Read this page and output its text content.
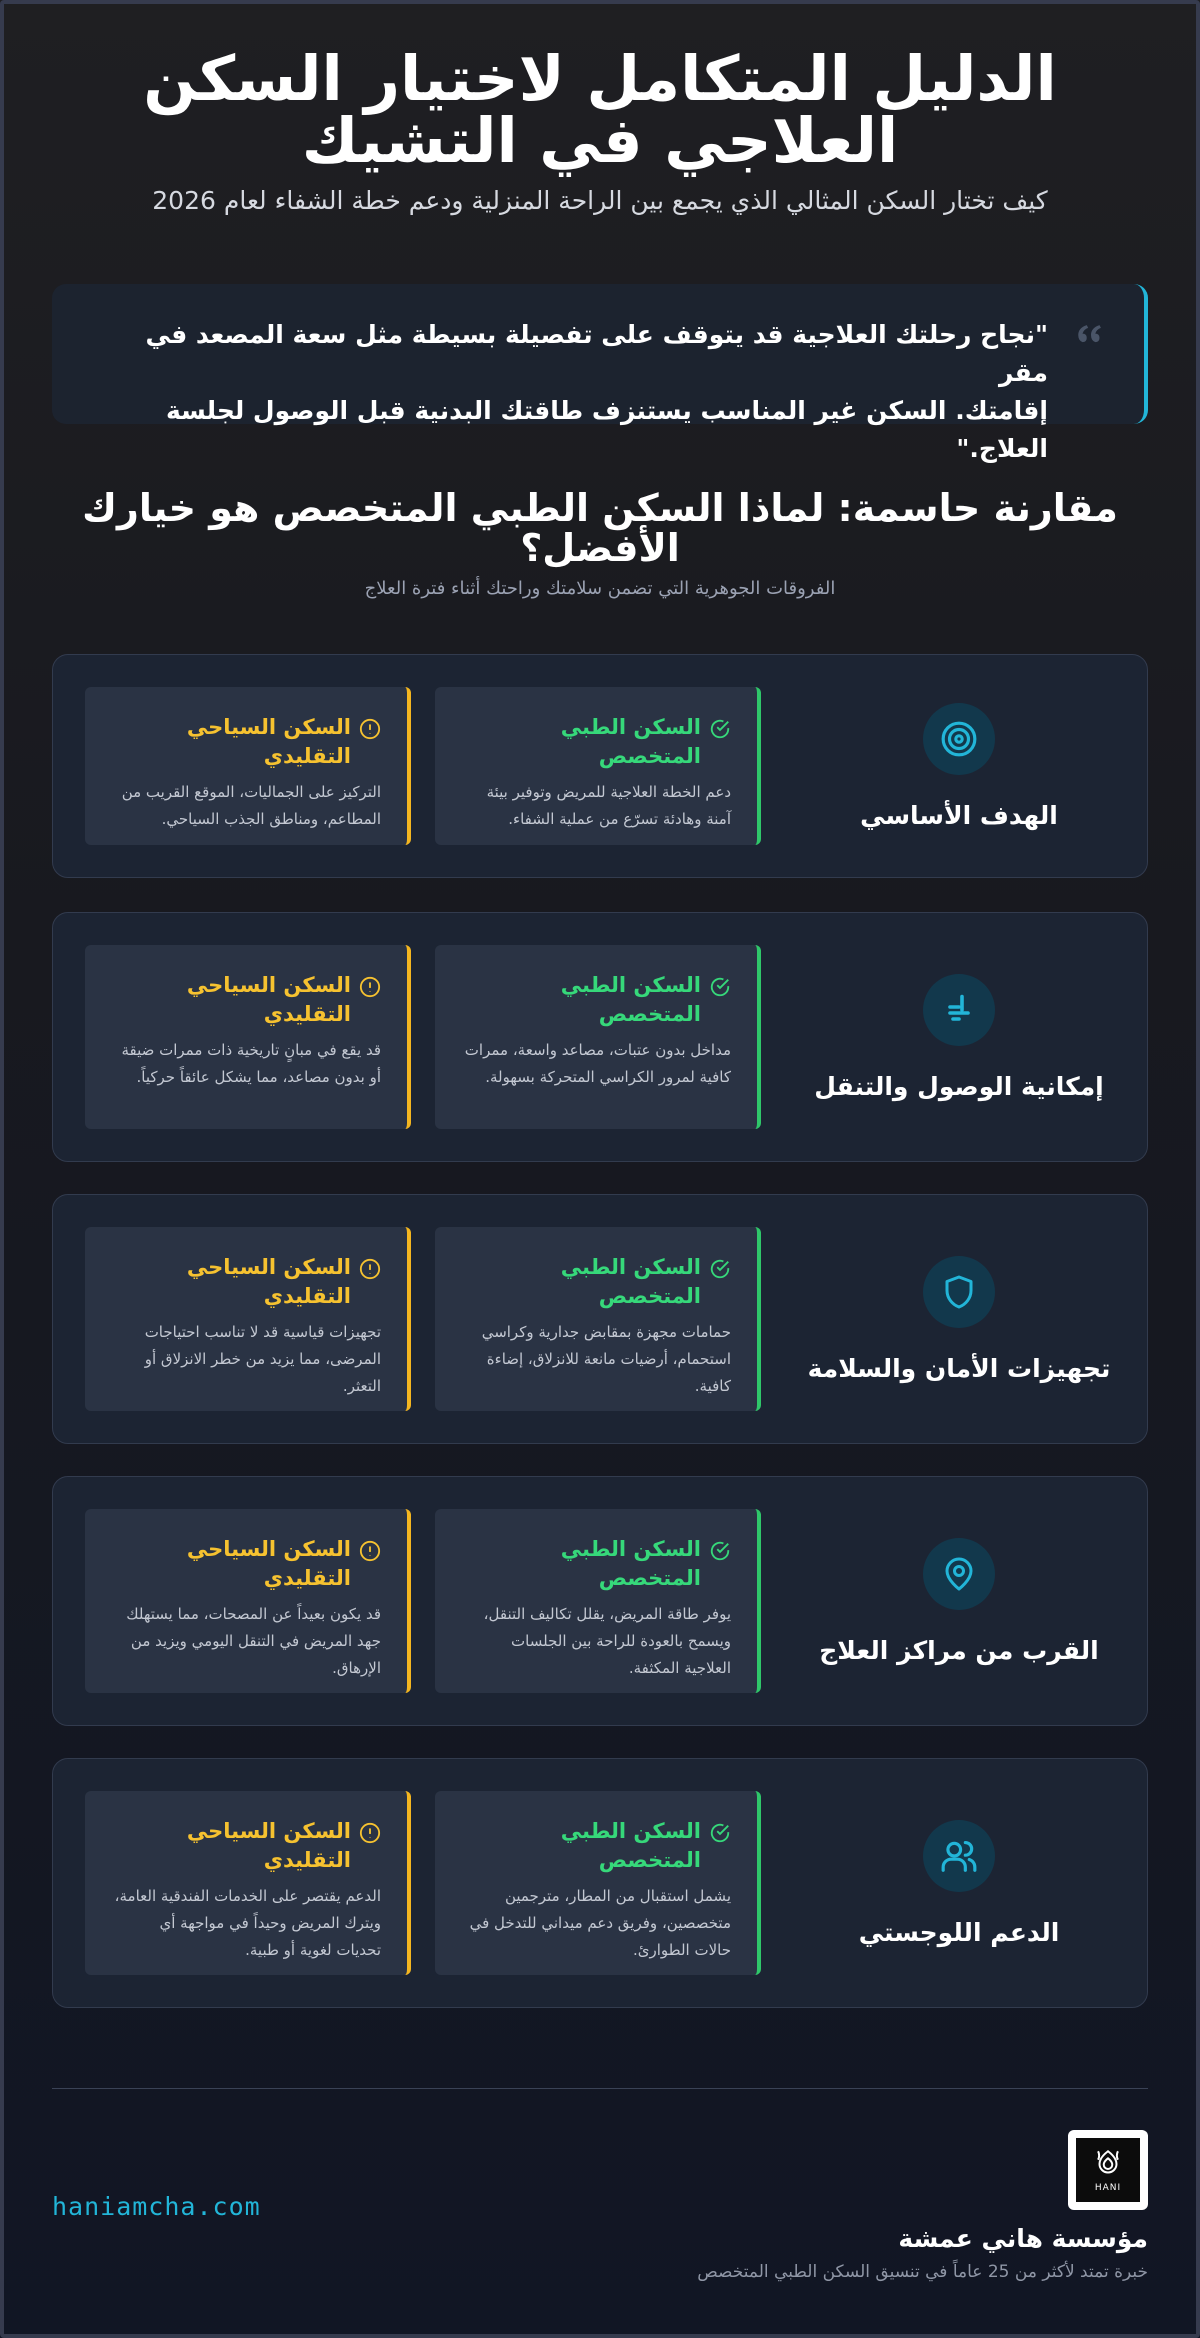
الدليل المتكامل لاختيار السكن
العلاجي في التشيك

كيف تختار السكن المثالي الذي يجمع بين الراحة المنزلية ودعم خطة الشفاء لعام 2026

"نجاح رحلتك العلاجية قد يتوقف على تفصيلة بسيطة مثل سعة المصعد في مقر
إقامتك. السكن غير المناسب يستنزف طاقتك البدنية قبل الوصول لجلسة العلاج."

مقارنة حاسمة: لماذا السكن الطبي المتخصص هو خيارك
الأفضل؟

الفروقات الجوهرية التي تضمن سلامتك وراحتك أثناء فترة العلاج

الهدف الأساسي
السكن الطبي المتخصص

دعم الخطة العلاجية للمريض وتوفير بيئة آمنة وهادئة تسرّع من عملية الشفاء.

السكن السياحي التقليدي

التركيز على الجماليات، الموقع القريب من المطاعم، ومناطق الجذب السياحي.

إمكانية الوصول والتنقل
السكن الطبي المتخصص

مداخل بدون عتبات، مصاعد واسعة، ممرات كافية لمرور الكراسي المتحركة بسهولة.

السكن السياحي التقليدي

قد يقع في مبانٍ تاريخية ذات ممرات ضيقة أو بدون مصاعد، مما يشكل عائقاً حركياً.

تجهيزات الأمان والسلامة
السكن الطبي المتخصص

حمامات مجهزة بمقابض جدارية وكراسي استحمام، أرضيات مانعة للانزلاق، إضاءة كافية.

السكن السياحي التقليدي

تجهيزات قياسية قد لا تناسب احتياجات المرضى، مما يزيد من خطر الانزلاق أو التعثر.

القرب من مراكز العلاج
السكن الطبي المتخصص

يوفر طاقة المريض، يقلل تكاليف التنقل، ويسمح بالعودة للراحة بين الجلسات العلاجية المكثفة.

السكن السياحي التقليدي

قد يكون بعيداً عن المصحات، مما يستهلك جهد المريض في التنقل اليومي ويزيد من الإرهاق.

الدعم اللوجستي
السكن الطبي المتخصص

يشمل استقبال من المطار، مترجمين متخصصين، وفريق دعم ميداني للتدخل في حالات الطوارئ.

السكن السياحي التقليدي

الدعم يقتصر على الخدمات الفندقية العامة، ويترك المريض وحيداً في مواجهة أي تحديات لغوية أو طبية.

HANI
مؤسسة هاني عمشة
خبرة تمتد لأكثر من 25 عاماً في تنسيق السكن الطبي المتخصص
haniamcha.com
